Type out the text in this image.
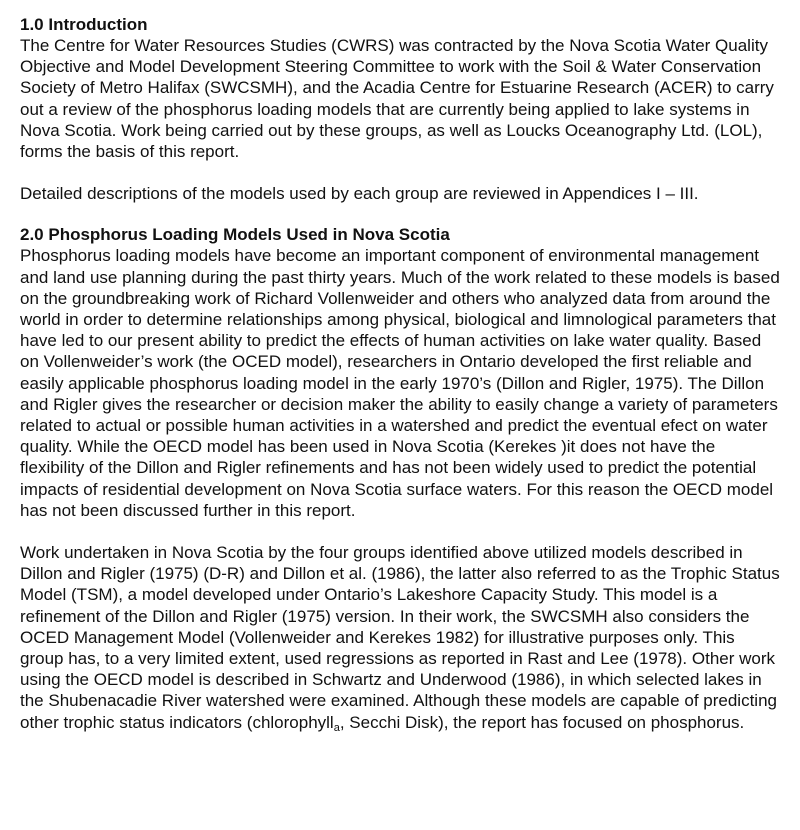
1.0 Introduction

The Centre for Water Resources Studies (CWRS) was contracted by the Nova Scotia Water Quality Objective and Model Development Steering Committee to work with the Soil & Water Conservation Society of Metro Halifax (SWCSMH), and the Acadia Centre for Estuarine Research (ACER) to carry out a review of the phosphorus loading models that are currently being applied to lake systems in Nova Scotia. Work being carried out by these groups, as well as Loucks Oceanography Ltd. (LOL), forms the basis of this report.

Detailed descriptions of the models used by each group are reviewed in Appendices I – III.

2.0 Phosphorus Loading Models Used in Nova Scotia

Phosphorus loading models have become an important component of environmental management and land use planning during the past thirty years. Much of the work related to these models is based on the groundbreaking work of Richard Vollenweider and others who analyzed data from around the world in order to determine relationships among physical, biological and limnological parameters that have led to our present ability to predict the effects of human activities on lake water quality. Based on Vollenweider’s work (the OCED model), researchers in Ontario developed the first reliable and easily applicable phosphorus loading model in the early 1970’s (Dillon and Rigler, 1975). The Dillon and Rigler gives the researcher or decision maker the ability to easily change a variety of parameters related to actual or possible human activities in a watershed and predict the eventual efect on water quality. While the OECD model has been used in Nova Scotia (Kerekes )it does not have the flexibility of the Dillon and Rigler refinements and has not been widely used to predict the potential impacts of residential development on Nova Scotia surface waters. For this reason the OECD model has not been discussed further in this report.

Work undertaken in Nova Scotia by the four groups identified above utilized models described in Dillon and Rigler (1975) (D-R) and Dillon et al. (1986), the latter also referred to as the Trophic Status Model (TSM), a model developed under Ontario’s Lakeshore Capacity Study. This model is a refinement of the Dillon and Rigler (1975) version. In their work, the SWCSMH also considers the OCED Management Model (Vollenweider and Kerekes 1982) for illustrative purposes only. This group has, to a very limited extent, used regressions as reported in Rast and Lee (1978). Other work using the OECD model is described in Schwartz and Underwood (1986), in which selected lakes in the Shubenacadie River watershed were examined. Although these models are capable of predicting other trophic status indicators (chlorophyll$_a$, Secchi Disk), the report has focused on phosphorus.
